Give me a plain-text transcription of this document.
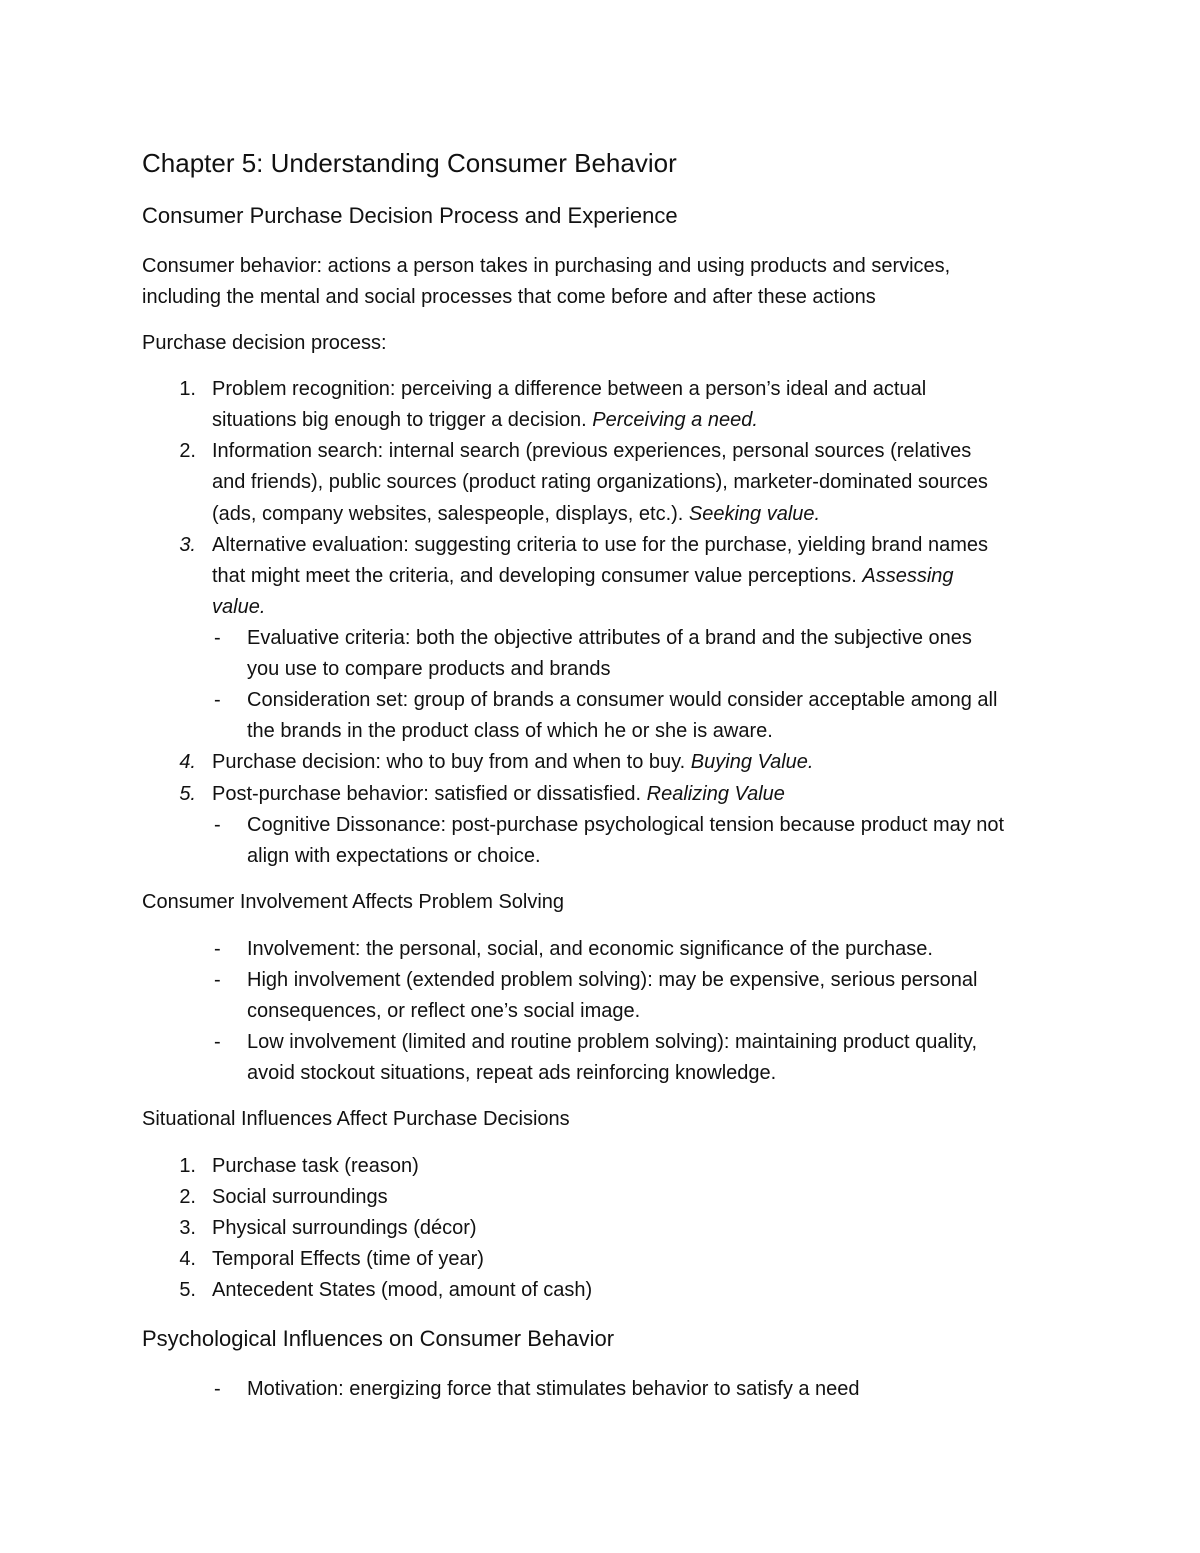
Chapter 5: Understanding Consumer Behavior
Consumer Purchase Decision Process and Experience
Consumer behavior: actions a person takes in purchasing and using products and services,
including the mental and social processes that come before and after these actions
Purchase decision process:
1. Problem recognition: perceiving a difference between a person’s ideal and actual
situations big enough to trigger a decision. Perceiving a need.
2. Information search: internal search (previous experiences, personal sources (relatives
and friends), public sources (product rating organizations), marketer-dominated sources
(ads, company websites, salespeople, displays, etc.). Seeking value.
3. Alternative evaluation: suggesting criteria to use for the purchase, yielding brand names
that might meet the criteria, and developing consumer value perceptions. Assessing
value.
- Evaluative criteria: both the objective attributes of a brand and the subjective ones
you use to compare products and brands
- Consideration set: group of brands a consumer would consider acceptable among all
the brands in the product class of which he or she is aware.
4. Purchase decision: who to buy from and when to buy. Buying Value.
5. Post-purchase behavior: satisfied or dissatisfied. Realizing Value
- Cognitive Dissonance: post-purchase psychological tension because product may not
align with expectations or choice.
Consumer Involvement Affects Problem Solving
- Involvement: the personal, social, and economic significance of the purchase.
- High involvement (extended problem solving): may be expensive, serious personal
consequences, or reflect one’s social image.
- Low involvement (limited and routine problem solving): maintaining product quality,
avoid stockout situations, repeat ads reinforcing knowledge.
Situational Influences Affect Purchase Decisions
1. Purchase task (reason)
2. Social surroundings
3. Physical surroundings (décor)
4. Temporal Effects (time of year)
5. Antecedent States (mood, amount of cash)
Psychological Influences on Consumer Behavior
- Motivation: energizing force that stimulates behavior to satisfy a need
